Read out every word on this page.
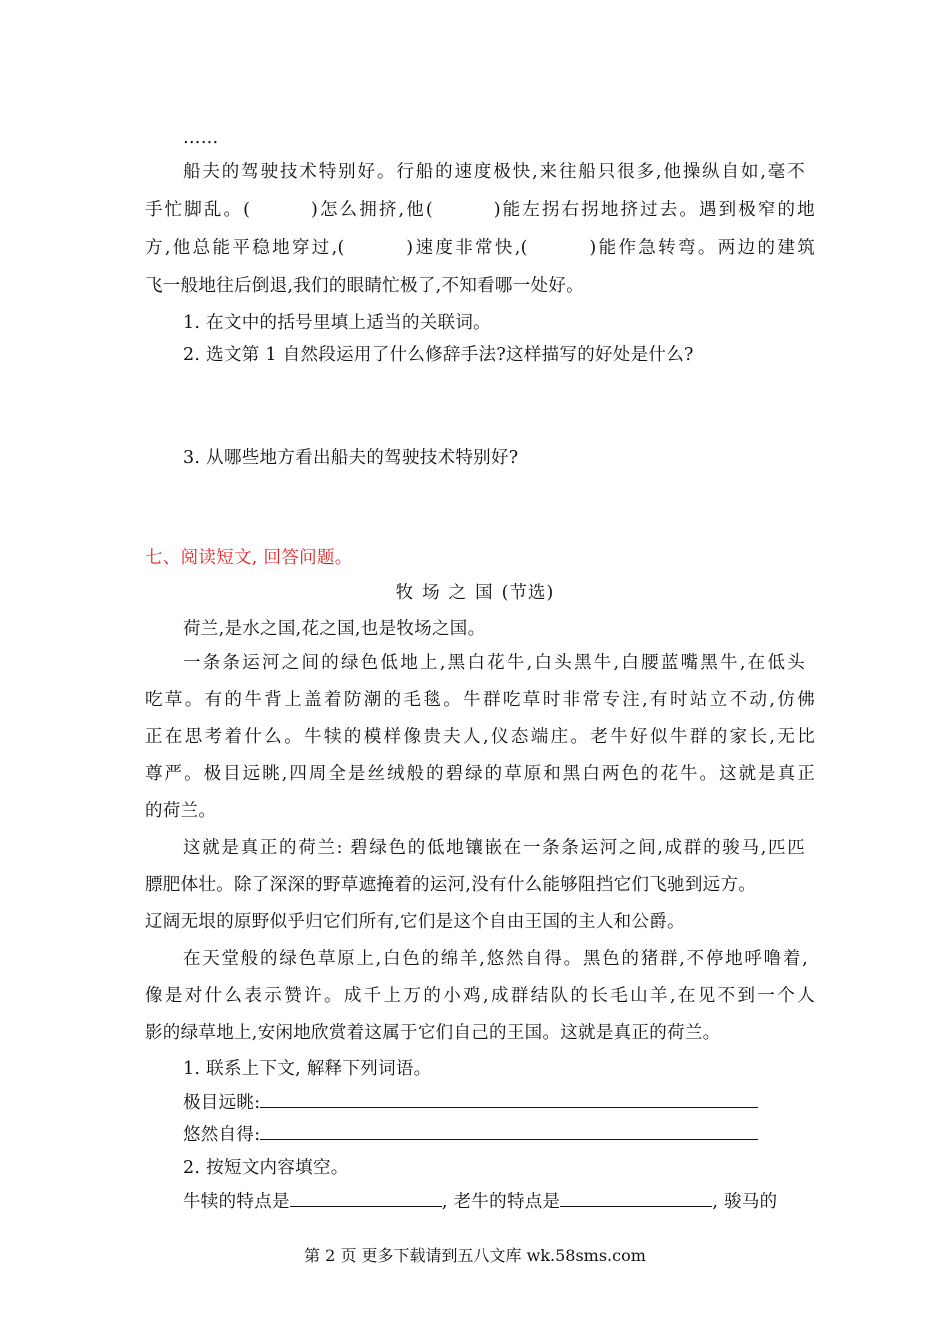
……
船夫的驾驶技术特别好。行船的速度极快,来往船只很多,他操纵自如,毫不
手忙脚乱。(　　　)怎么拥挤,他(　　　)能左拐右拐地挤过去。遇到极窄的地
方,他总能平稳地穿过,(　　　)速度非常快,(　　　)能作急转弯。两边的建筑
飞一般地往后倒退,我们的眼睛忙极了,不知看哪一处好。
1. 在文中的括号里填上适当的关联词。
2. 选文第 1 自然段运用了什么修辞手法?这样描写的好处是什么?
3. 从哪些地方看出船夫的驾驶技术特别好?
七、阅读短文, 回答问题。
牧场之国(节选)
荷兰,是水之国,花之国,也是牧场之国。
一条条运河之间的绿色低地上,黑白花牛,白头黑牛,白腰蓝嘴黑牛,在低头
吃草。有的牛背上盖着防潮的毛毯。牛群吃草时非常专注,有时站立不动,仿佛
正在思考着什么。牛犊的模样像贵夫人,仪态端庄。老牛好似牛群的家长,无比
尊严。极目远眺,四周全是丝绒般的碧绿的草原和黑白两色的花牛。这就是真正
的荷兰。
这就是真正的荷兰: 碧绿色的低地镶嵌在一条条运河之间,成群的骏马,匹匹
膘肥体壮。除了深深的野草遮掩着的运河,没有什么能够阻挡它们飞驰到远方。
辽阔无垠的原野似乎归它们所有,它们是这个自由王国的主人和公爵。
在天堂般的绿色草原上,白色的绵羊,悠然自得。黑色的猪群,不停地呼噜着,
像是对什么表示赞许。成千上万的小鸡,成群结队的长毛山羊,在见不到一个人
影的绿草地上,安闲地欣赏着这属于它们自己的王国。这就是真正的荷兰。
1. 联系上下文, 解释下列词语。
极目远眺:
悠然自得:
2. 按短文内容填空。
牛犊的特点是	, 老牛的特点是	, 骏马的
第 2 页 更多下载请到五八文库 wk.58sms.com
